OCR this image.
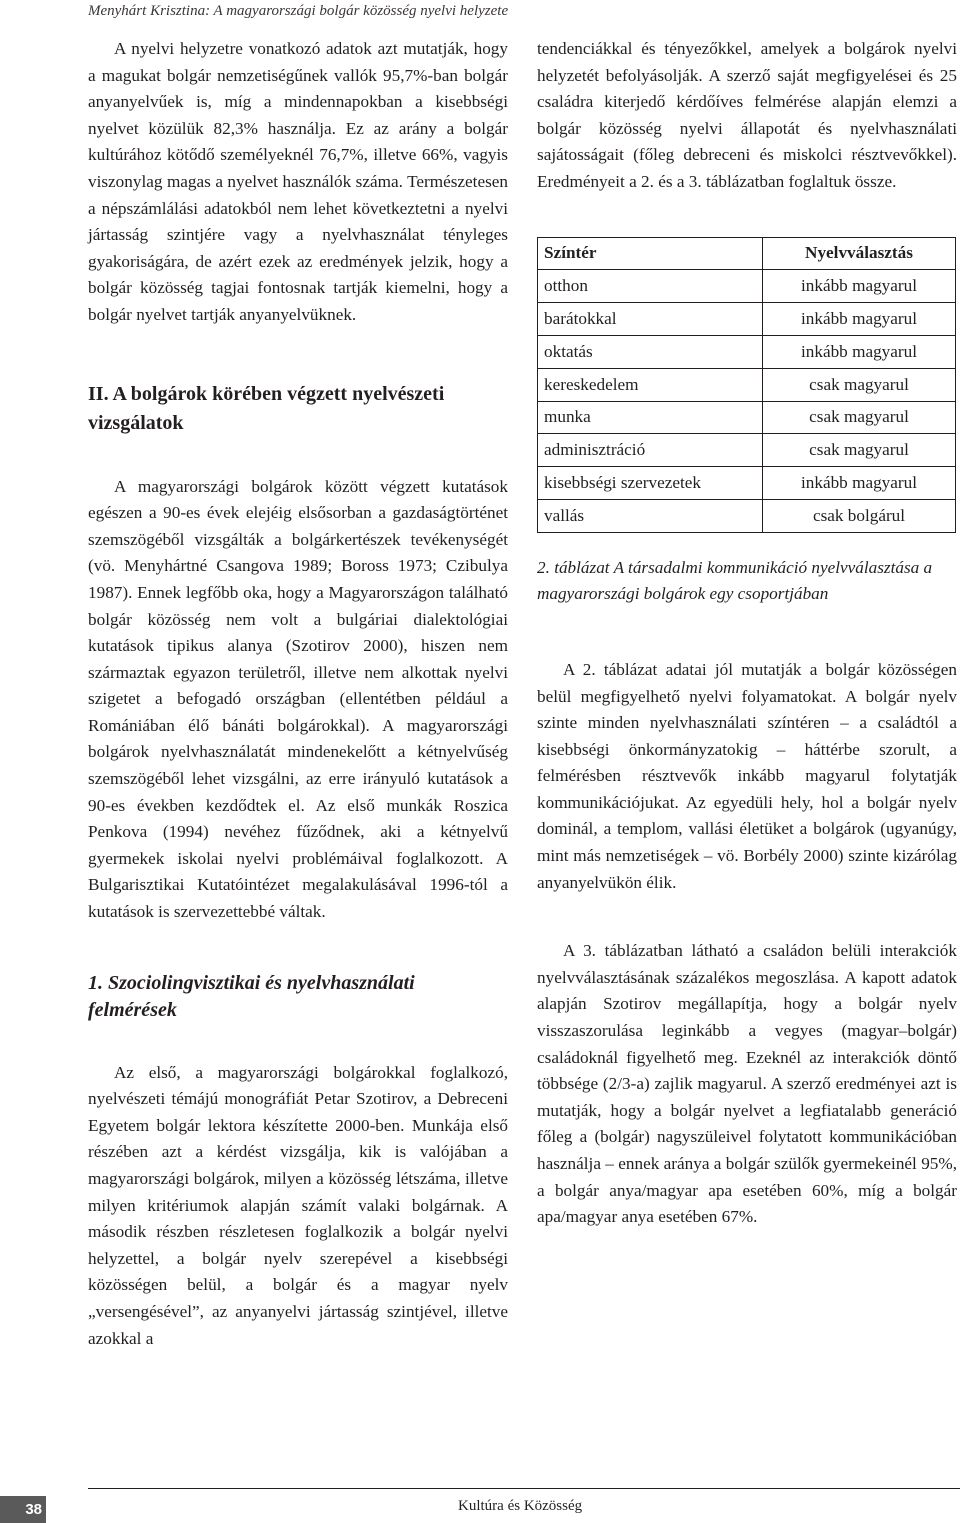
Menyhárt Krisztina: A magyarországi bolgár közösség nyelvi helyzete

A nyelvi helyzetre vonatkozó adatok azt mutatják, hogy a magukat bolgár nemzetiségűnek vallók 95,7%-ban bolgár anyanyelvűek is, míg a mindennapokban a kisebbségi nyelvet közülük 82,3% használja. Ez az arány a bolgár kultúrához kötődő személyeknél 76,7%, illetve 66%, vagyis viszonylag magas a nyelvet használók száma. Természetesen a népszámlálási adatokból nem lehet következtetni a nyelvi jártasság szintjére vagy a nyelvhasználat tényleges gyakoriságára, de azért ezek az eredmények jelzik, hogy a bolgár közösség tagjai fontosnak tartják kiemelni, hogy a bolgár nyelvet tartják anyanyelvüknek.

II. A bolgárok körében végzett nyelvészeti vizsgálatok

A magyarországi bolgárok között végzett kutatások egészen a 90-es évek elejéig elsősorban a gazdaságtörténet szemszögéből vizsgálták a bolgárkertészek tevékenységét (vö. Menyhártné Csangova 1989; Boross 1973; Czibulya 1987). Ennek legfőbb oka, hogy a Magyarországon található bolgár közösség nem volt a bulgáriai dialektológiai kutatások tipikus alanya (Szotirov 2000), hiszen nem származtak egyazon területről, illetve nem alkottak nyelvi szigetet a befogadó országban (ellentétben például a Romániában élő bánáti bolgárokkal). A magyarországi bolgárok nyelvhasználatát mindenekelőtt a kétnyelvűség szemszögéből lehet vizsgálni, az erre irányuló kutatások a 90-es években kezdődtek el. Az első munkák Roszica Penkova (1994) nevéhez fűződnek, aki a kétnyelvű gyermekek iskolai nyelvi problémáival foglalkozott. A Bulgarisztikai Kutatóintézet megalakulásával 1996-tól a kutatások is szervezettebbé váltak.

1. Szociolingvisztikai és nyelvhasználati felmérések

Az első, a magyarországi bolgárokkal foglalkozó, nyelvészeti témájú monográfiát Petar Szotirov, a Debreceni Egyetem bolgár lektora készítette 2000-ben. Munkája első részében azt a kérdést vizsgálja, kik is valójában a magyarországi bolgárok, milyen a közösség létszáma, illetve milyen kritériumok alapján számít valaki bolgárnak. A második részben részletesen foglalkozik a bolgár nyelvi helyzettel, a bolgár nyelv szerepével a kisebbségi közösségen belül, a bolgár és a magyar nyelv „versengésével”, az anyanyelvi jártasság szintjével, illetve azokkal a

tendenciákkal és tényezőkkel, amelyek a bolgárok nyelvi helyzetét befolyásolják. A szerző saját megfigyelései és 25 családra kiterjedő kérdőíves felmérése alapján elemzi a bolgár közösség nyelvi állapotát és nyelvhasználati sajátosságait (főleg debreceni és miskolci résztvevőkkel). Eredményeit a 2. és a 3. táblázatban foglaltuk össze.

Színtér	Nyelvválasztás
otthon	inkább magyarul
barátokkal	inkább magyarul
oktatás	inkább magyarul
kereskedelem	csak magyarul
munka	csak magyarul
adminisztráció	csak magyarul
kisebbségi szervezetek	inkább magyarul
vallás	csak bolgárul
2. táblázat A társadalmi kommunikáció nyelvválasztása a magyarországi bolgárok egy csoportjában

A 2. táblázat adatai jól mutatják a bolgár közösségen belül megfigyelhető nyelvi folyamatokat. A bolgár nyelv szinte minden nyelvhasználati színtéren – a családtól a kisebbségi önkormányzatokig – háttérbe szorult, a felmérésben résztvevők inkább magyarul folytatják kommunikációjukat. Az egyedüli hely, hol a bolgár nyelv dominál, a templom, vallási életüket a bolgárok (ugyanúgy, mint más nemzetiségek – vö. Borbély 2000) szinte kizárólag anyanyelvükön élik.

A 3. táblázatban látható a családon belüli interakciók nyelvválasztásának százalékos megoszlása. A kapott adatok alapján Szotirov megállapítja, hogy a bolgár nyelv visszaszorulása leginkább a vegyes (magyar–bolgár) családoknál figyelhető meg. Ezeknél az interakciók döntő többsége (2/3-a) zajlik magyarul. A szerző eredményei azt is mutatják, hogy a bolgár nyelvet a legfiatalabb generáció főleg a (bolgár) nagyszüleivel folytatott kommunikációban használja – ennek aránya a bolgár szülők gyermekeinél 95%, a bolgár anya/magyar apa esetében 60%, míg a bolgár apa/magyar anya esetében 67%.

38	Kultúra és Közösség
